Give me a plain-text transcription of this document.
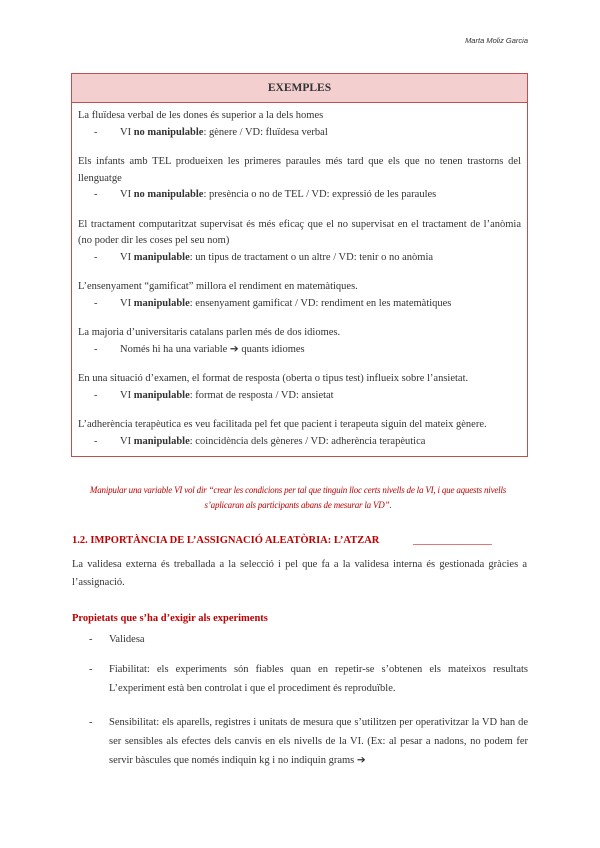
Marta Moliz Garcia
EXEMPLES
La fluïdesa verbal de les dones és superior a la dels homes
-	VI no manipulable: gènere / VD: fluïdesa verbal
Els infants amb TEL produeixen les primeres paraules més tard que els que no tenen trastorns del llenguatge
-	VI no manipulable: presència o no de TEL / VD: expressió de les paraules
El tractament computaritzat supervisat és més eficaç que el no supervisat en el tractament de l’anòmia (no poder dir les coses pel seu nom)
-	VI manipulable: un tipus de tractament o un altre / VD: tenir o no anòmia
L’ensenyament “gamificat” millora el rendiment en matemàtiques.
-	VI manipulable: ensenyament gamificat / VD: rendiment en les matemàtiques
La majoria d’universitaris catalans parlen més de dos idiomes.
-	Només hi ha una variable ➔ quants idiomes
En una situació d’examen, el format de resposta (oberta o tipus test) influeix sobre l’ansietat.
-	VI manipulable: format de resposta / VD: ansietat
L’adherència terapèutica es veu facilitada pel fet que pacient i terapeuta siguin del mateix gènere.
-	VI manipulable: coincidència dels gèneres / VD: adherència terapèutica
Manipular una variable VI vol dir “crear les condicions per tal que tinguin lloc certs nivells de la VI, i que aquests nivells s’aplicaran als participants abans de mesurar la VD”.
1.2. IMPORTÀNCIA DE L’ASSIGNACIÓ ALEATÒRIA: L’ATZAR	_______________
La validesa externa és treballada a la selecció i pel que fa a la validesa interna és gestionada gràcies a l’assignació.
Propietats que s’ha d’exigir als experiments
-	Validesa
-	Fiabilitat: els experiments són fiables quan en repetir-se s’obtenen els mateixos resultats L’experiment està ben controlat i que el procediment és reproduïble.
-	Sensibilitat: els aparells, registres i unitats de mesura que s’utilitzen per operativitzar la VD han de ser sensibles als efectes dels canvis en els nivells de la VI. (Ex: al pesar a nadons, no podem fer servir bàscules que només indiquin kg i no indiquin grams ➔
